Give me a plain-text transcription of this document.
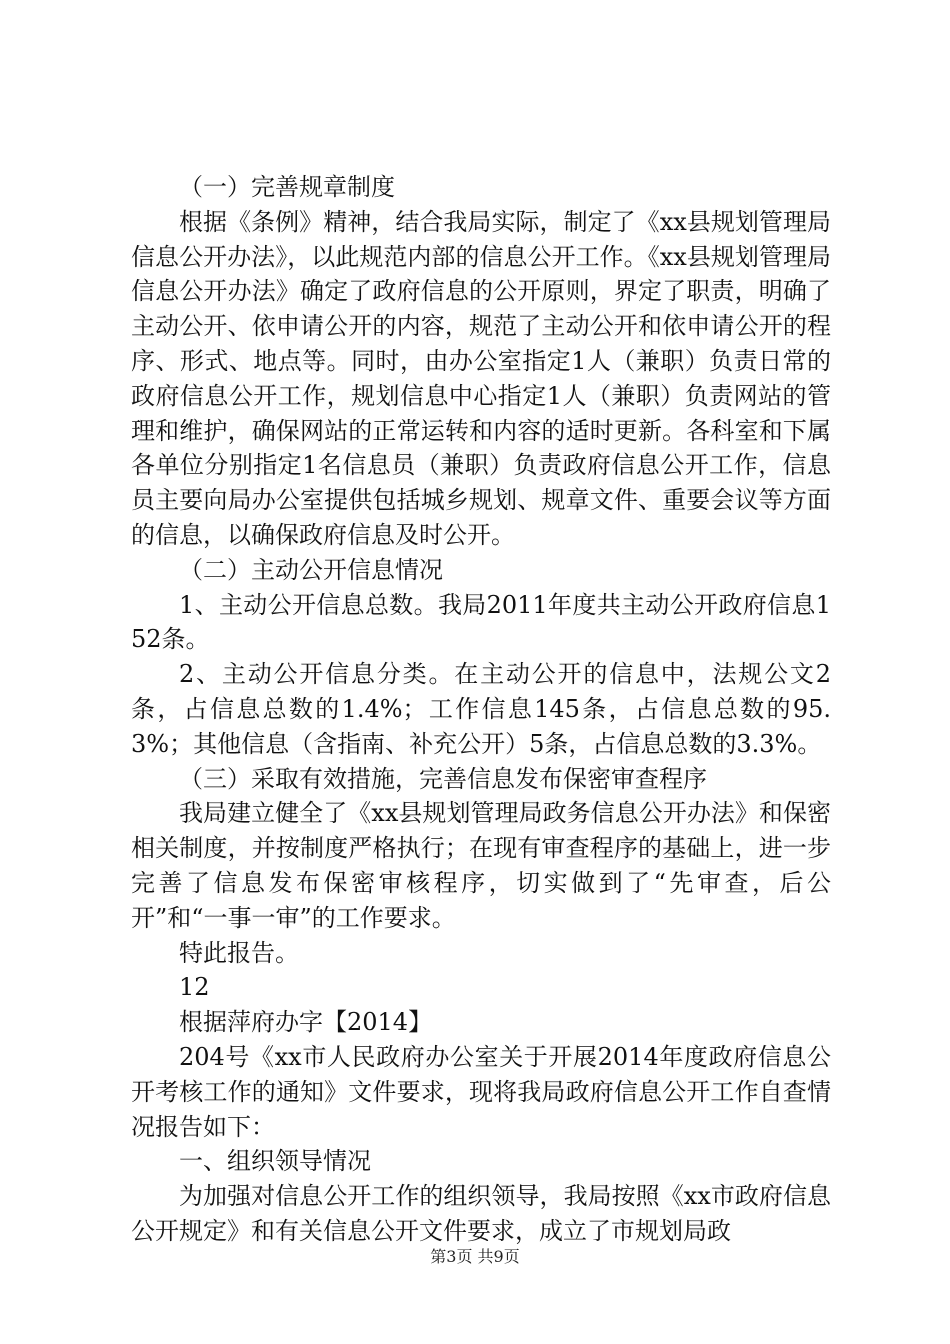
（一）完善规章制度

根据《条例》精神，结合我局实际，制定了《xx县规划管理局信息公开办法》，以此规范内部的信息公开工作。《xx县规划管理局信息公开办法》确定了政府信息的公开原则，界定了职责，明确了主动公开、依申请公开的内容，规范了主动公开和依申请公开的程序、形式、地点等。同时，由办公室指定1人（兼职）负责日常的政府信息公开工作，规划信息中心指定1人（兼职）负责网站的管理和维护，确保网站的正常运转和内容的适时更新。各科室和下属各单位分别指定1名信息员（兼职）负责政府信息公开工作，信息员主要向局办公室提供包括城乡规划、规章文件、重要会议等方面的信息，以确保政府信息及时公开。

（二）主动公开信息情况

1、主动公开信息总数。我局2011年度共主动公开政府信息152条。

2、主动公开信息分类。在主动公开的信息中，法规公文2条，占信息总数的1.4%；工作信息145条，占信息总数的95.3%；其他信息（含指南、补充公开）5条，占信息总数的3.3%。

（三）采取有效措施，完善信息发布保密审查程序

我局建立健全了《xx县规划管理局政务信息公开办法》和保密相关制度，并按制度严格执行；在现有审查程序的基础上，进一步完善了信息发布保密审核程序，切实做到了“先审查，后公开”和“一事一审”的工作要求。

特此报告。

12

根据萍府办字【2014】

204号《xx市人民政府办公室关于开展2014年度政府信息公开考核工作的通知》文件要求，现将我局政府信息公开工作自查情况报告如下：

一、组织领导情况

为加强对信息公开工作的组织领导，我局按照《xx市政府信息公开规定》和有关信息公开文件要求，成立了市规划局政

第3页 共9页
